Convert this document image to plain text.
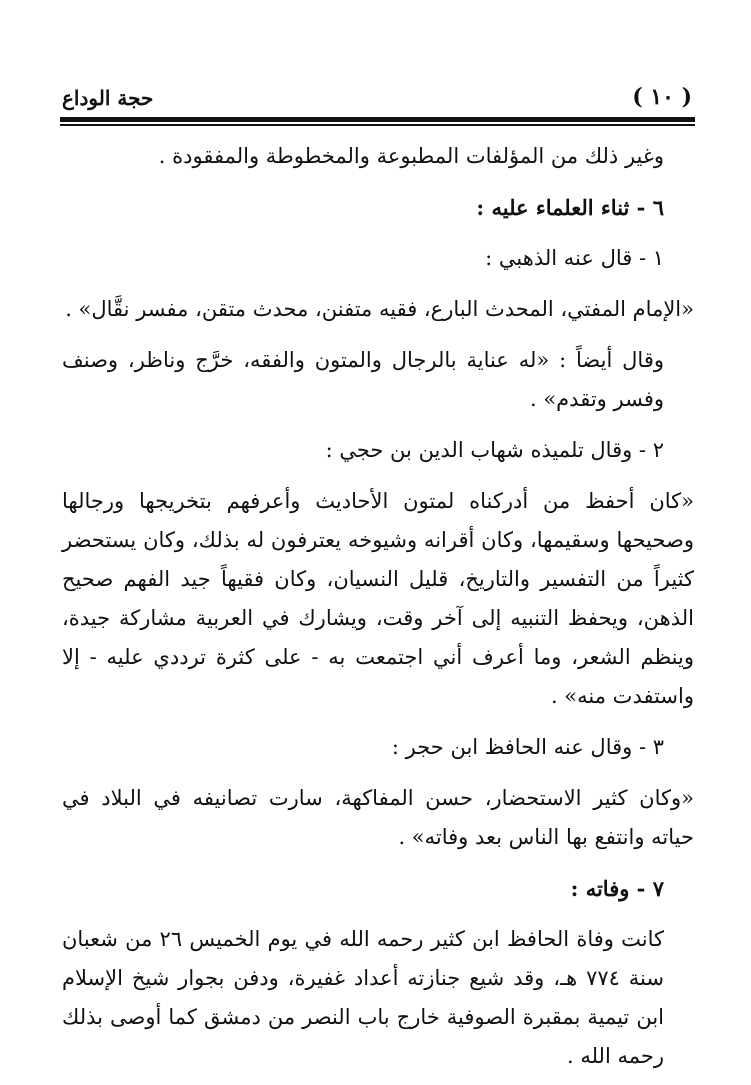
( ١٠ )
حجة الوداع

وغير ذلك من المؤلفات المطبوعة والمخطوطة والمفقودة .

٦ - ثناء العلماء عليه :

١ - قال عنه الذهبي :

«الإمام المفتي، المحدث البارع، فقيه متفنن، محدث متقن، مفسر نقَّال» .

وقال أيضاً : «له عناية بالرجال والمتون والفقه، خرَّج وناظر، وصنف وفسر وتقدم» .

٢ - وقال تلميذه شهاب الدين بن حجي :

«كان أحفظ من أدركناه لمتون الأحاديث وأعرفهم بتخريجها ورجالها وصحيحها وسقيمها، وكان أقرانه وشيوخه يعترفون له بذلك، وكان يستحضر كثيراً من التفسير والتاريخ، قليل النسيان، وكان فقيهاً جيد الفهم صحيح الذهن، ويحفظ التنبيه إلى آخر وقت، ويشارك في العربية مشاركة جيدة، وينظم الشعر، وما أعرف أني اجتمعت به - على كثرة ترددي عليه - إلا واستفدت منه» .

٣ - وقال عنه الحافظ ابن حجر :

«وكان كثير الاستحضار، حسن المفاكهة، سارت تصانيفه في البلاد في حياته وانتفع بها الناس بعد وفاته» .

٧ - وفاته :

كانت وفاة الحافظ ابن كثير رحمه الله في يوم الخميس ٢٦ من شعبان سنة ٧٧٤ هـ، وقد شيع جنازته أعداد غفيرة، ودفن بجوار شيخ الإسلام ابن تيمية بمقبرة الصوفية خارج باب النصر من دمشق كما أوصى بذلك رحمه الله .
